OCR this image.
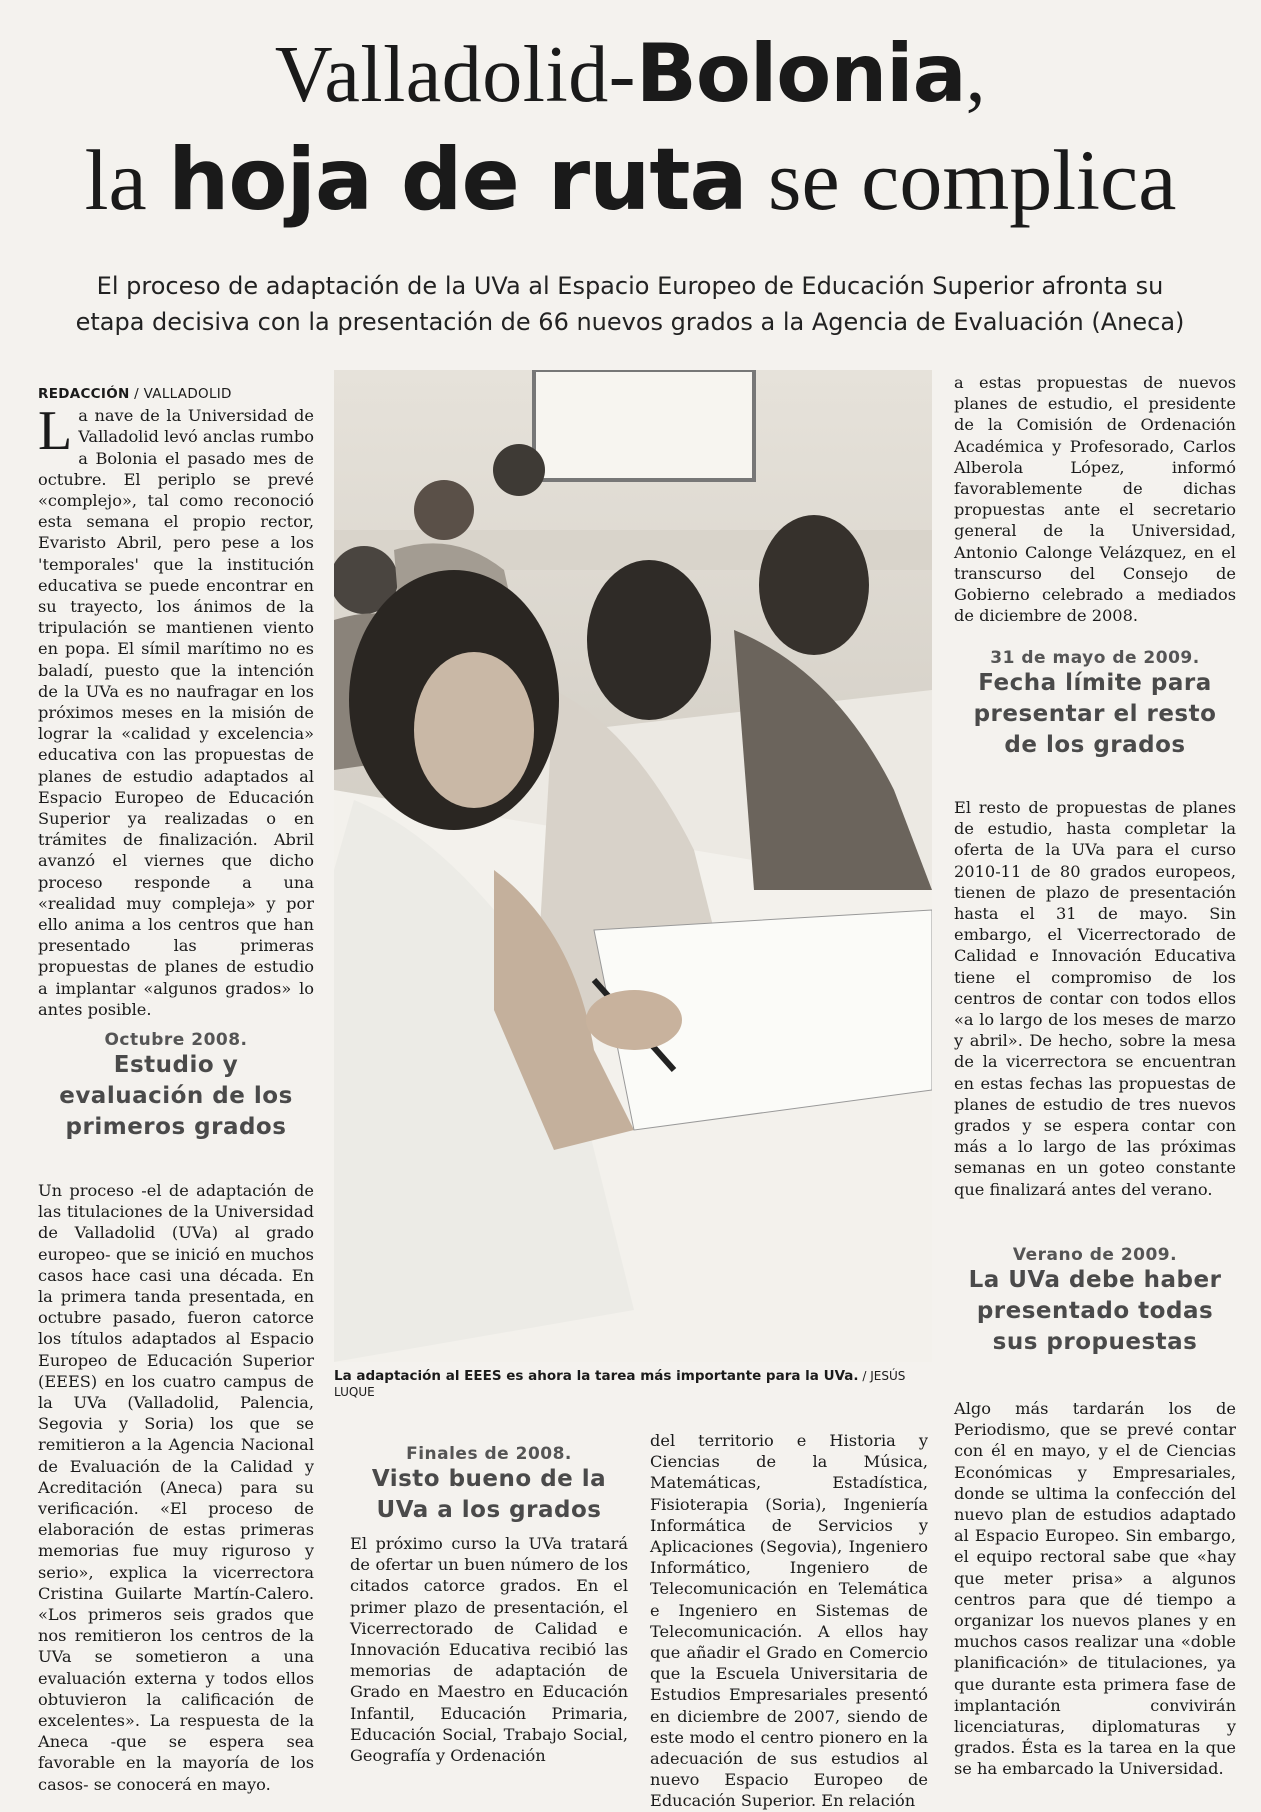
Valladolid-Bolonia,
la hoja de ruta se complica
El proceso de adaptación de la UVa al Espacio Europeo de Educación Superior afronta su
etapa decisiva con la presentación de 66 nuevos grados a la Agencia de Evaluación (Aneca)
REDACCIÓN / VALLADOLID

La nave de la Universidad de Valladolid levó anclas rumbo a Bolonia el pasado mes de octubre. El periplo se prevé «complejo», tal como reconoció esta semana el propio rector, Evaristo Abril, pero pese a los 'temporales' que la institución educativa se puede encontrar en su trayecto, los ánimos de la tripulación se mantienen viento en popa. El símil marítimo no es baladí, puesto que la intención de la UVa es no naufragar en los próximos meses en la misión de lograr la «calidad y excelencia» educativa con las propuestas de planes de estudio adaptados al Espacio Europeo de Educación Superior ya realizadas o en trámites de finalización. Abril avanzó el viernes que dicho proceso responde a una «realidad muy compleja» y por ello anima a los centros que han presentado las primeras propuestas de planes de estudio a implantar «algunos grados» lo antes posible.

Octubre 2008.
Estudio y evaluación de los primeros grados

Un proceso -el de adaptación de las titulaciones de la Universidad de Valladolid (UVa) al grado europeo- que se inició en muchos casos hace casi una década. En la primera tanda presentada, en octubre pasado, fueron catorce los títulos adaptados al Espacio Europeo de Educación Superior (EEES) en los cuatro campus de la UVa (Valladolid, Palencia, Segovia y Soria) los que se remitieron a la Agencia Nacional de Evaluación de la Calidad y Acreditación (Aneca) para su verificación. «El proceso de elaboración de estas primeras memorias fue muy riguroso y serio», explica la vicerrectora Cristina Guilarte Martín-Calero. «Los primeros seis grados que nos remitieron los centros de la UVa se sometieron a una evaluación externa y todos ellos obtuvieron la calificación de excelentes». La respuesta de la Aneca -que se espera sea favorable en la mayoría de los casos- se conocerá en mayo.

La adaptación al EEES es ahora la tarea más importante para la UVa. / JESÚS LUQUE
Finales de 2008.
Visto bueno de la UVa a los grados

El próximo curso la UVa tratará de ofertar un buen número de los citados catorce grados. En el primer plazo de presentación, el Vicerrectorado de Calidad e Innovación Educativa recibió las memorias de adaptación de Grado en Maestro en Educación Infantil, Educación Primaria, Educación Social, Trabajo Social, Geografía y Ordenación

del territorio e Historia y Ciencias de la Música, Matemáticas, Estadística, Fisioterapia (Soria), Ingeniería Informática de Servicios y Aplicaciones (Segovia), Ingeniero Informático, Ingeniero de Telecomunicación en Telemática e Ingeniero en Sistemas de Telecomunicación. A ellos hay que añadir el Grado en Comercio que la Escuela Universitaria de Estudios Empresariales presentó en diciembre de 2007, siendo de este modo el centro pionero en la adecuación de sus estudios al nuevo Espacio Europeo de Educación Superior. En relación

a estas propuestas de nuevos planes de estudio, el presidente de la Comisión de Ordenación Académica y Profesorado, Carlos Alberola López, informó favorablemente de dichas propuestas ante el secretario general de la Universidad, Antonio Calonge Velázquez, en el transcurso del Consejo de Gobierno celebrado a mediados de diciembre de 2008.

31 de mayo de 2009.
Fecha límite para presentar el resto de los grados

El resto de propuestas de planes de estudio, hasta completar la oferta de la UVa para el curso 2010-11 de 80 grados europeos, tienen de plazo de presentación hasta el 31 de mayo. Sin embargo, el Vicerrectorado de Calidad e Innovación Educativa tiene el compromiso de los centros de contar con todos ellos «a lo largo de los meses de marzo y abril». De hecho, sobre la mesa de la vicerrectora se encuentran en estas fechas las propuestas de planes de estudio de tres nuevos grados y se espera contar con más a lo largo de las próximas semanas en un goteo constante que finalizará antes del verano.

Verano de 2009.
La UVa debe haber presentado todas sus propuestas

Algo más tardarán los de Periodismo, que se prevé contar con él en mayo, y el de Ciencias Económicas y Empresariales, donde se ultima la confección del nuevo plan de estudios adaptado al Espacio Europeo. Sin embargo, el equipo rectoral sabe que «hay que meter prisa» a algunos centros para que dé tiempo a organizar los nuevos planes y en muchos casos realizar una «doble planificación» de titulaciones, ya que durante esta primera fase de implantación convivirán licenciaturas, diplomaturas y grados. Ésta es la tarea en la que se ha embarcado la Universidad.
